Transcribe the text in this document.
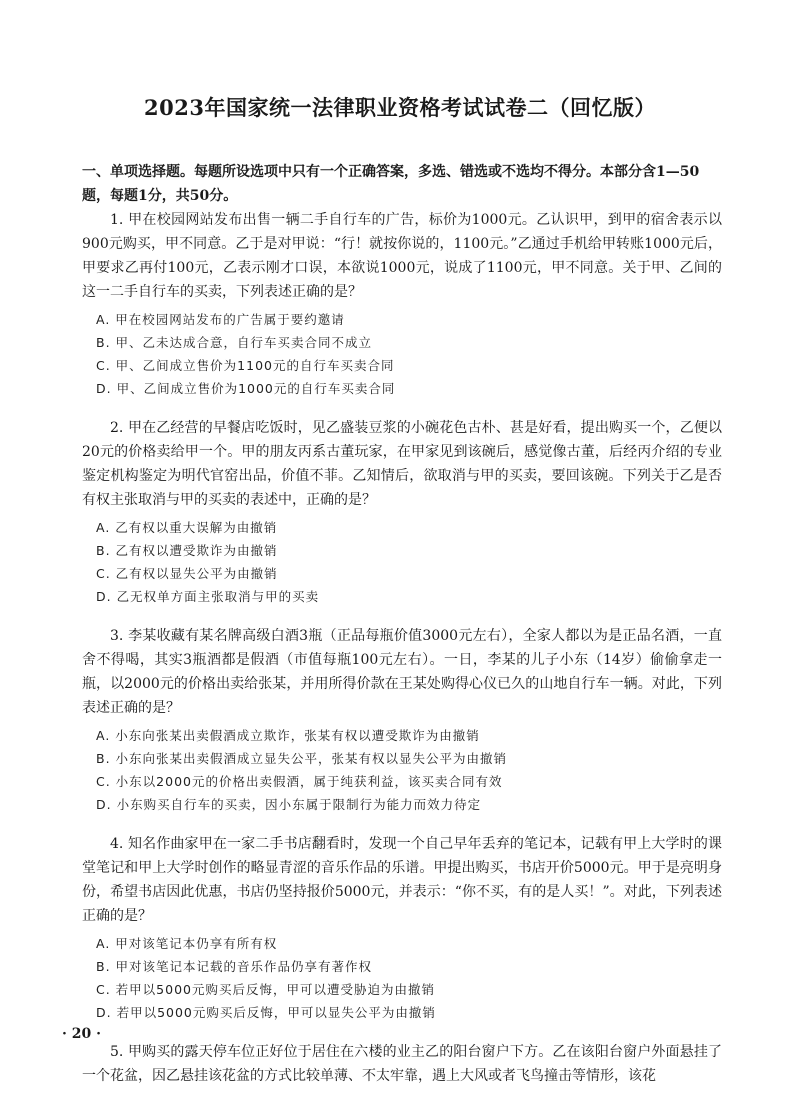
2023年国家统一法律职业资格考试试卷二（回忆版）

一、单项选择题。每题所设选项中只有一个正确答案，多选、错选或不选均不得分。本部分含1—50题，每题1分，共50分。

1. 甲在校园网站发布出售一辆二手自行车的广告，标价为1000元。乙认识甲，到甲的宿舍表示以900元购买，甲不同意。乙于是对甲说：“行！就按你说的，1100元。”乙通过手机给甲转账1000元后，甲要求乙再付100元，乙表示刚才口误，本欲说1000元，说成了1100元，甲不同意。关于甲、乙间的这一二手自行车的买卖，下列表述正确的是？

A. 甲在校园网站发布的广告属于要约邀请
B. 甲、乙未达成合意，自行车买卖合同不成立
C. 甲、乙间成立售价为1100元的自行车买卖合同
D. 甲、乙间成立售价为1000元的自行车买卖合同

2. 甲在乙经营的早餐店吃饭时，见乙盛装豆浆的小碗花色古朴、甚是好看，提出购买一个，乙便以20元的价格卖给甲一个。甲的朋友丙系古董玩家，在甲家见到该碗后，感觉像古董，后经丙介绍的专业鉴定机构鉴定为明代官窑出品，价值不菲。乙知情后，欲取消与甲的买卖，要回该碗。下列关于乙是否有权主张取消与甲的买卖的表述中，正确的是？

A. 乙有权以重大误解为由撤销
B. 乙有权以遭受欺诈为由撤销
C. 乙有权以显失公平为由撤销
D. 乙无权单方面主张取消与甲的买卖

3. 李某收藏有某名牌高级白酒3瓶（正品每瓶价值3000元左右），全家人都以为是正品名酒，一直舍不得喝，其实3瓶酒都是假酒（市值每瓶100元左右）。一日，李某的儿子小东（14岁）偷偷拿走一瓶，以2000元的价格出卖给张某，并用所得价款在王某处购得心仪已久的山地自行车一辆。对此，下列表述正确的是？

A. 小东向张某出卖假酒成立欺诈，张某有权以遭受欺诈为由撤销
B. 小东向张某出卖假酒成立显失公平，张某有权以显失公平为由撤销
C. 小东以2000元的价格出卖假酒，属于纯获利益，该买卖合同有效
D. 小东购买自行车的买卖，因小东属于限制行为能力而效力待定

4. 知名作曲家甲在一家二手书店翻看时，发现一个自己早年丢弃的笔记本，记载有甲上大学时的课堂笔记和甲上大学时创作的略显青涩的音乐作品的乐谱。甲提出购买，书店开价5000元。甲于是亮明身份，希望书店因此优惠，书店仍坚持报价5000元，并表示：“你不买，有的是人买！”。对此，下列表述正确的是？

A. 甲对该笔记本仍享有所有权
B. 甲对该笔记本记载的音乐作品仍享有著作权
C. 若甲以5000元购买后反悔，甲可以遭受胁迫为由撤销
D. 若甲以5000元购买后反悔，甲可以显失公平为由撤销

5. 甲购买的露天停车位正好位于居住在六楼的业主乙的阳台窗户下方。乙在该阳台窗户外面悬挂了一个花盆，因乙悬挂该花盆的方式比较单薄、不太牢靠，遇上大风或者飞鸟撞击等情形，该花

· 20 ·
